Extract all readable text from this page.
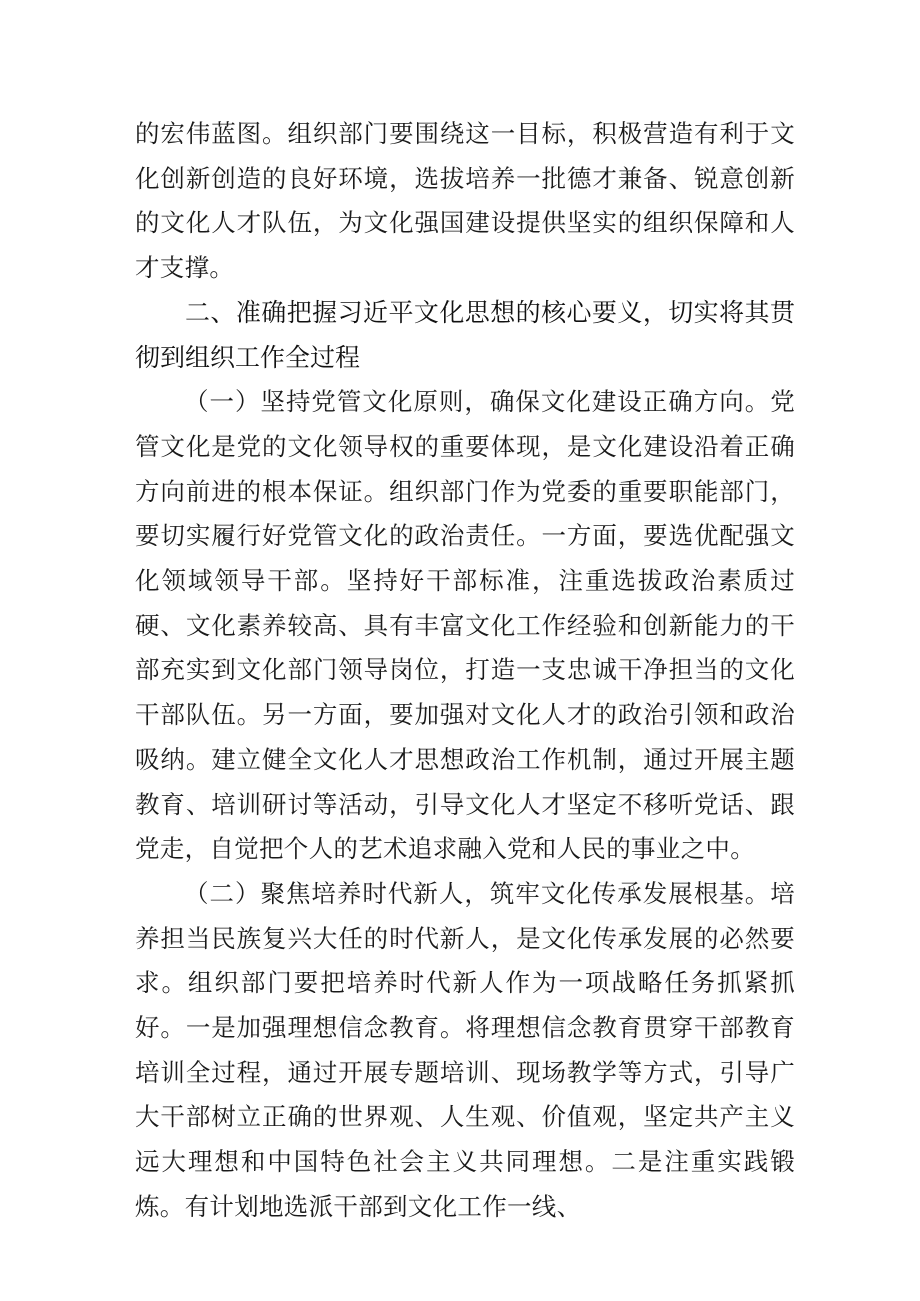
的宏伟蓝图。组织部门要围绕这一目标，积极营造有利于文化创新创造的良好环境，选拔培养一批德才兼备、锐意创新的文化人才队伍，为文化强国建设提供坚实的组织保障和人才支撑。

二、准确把握习近平文化思想的核心要义，切实将其贯彻到组织工作全过程

（一）坚持党管文化原则，确保文化建设正确方向。党管文化是党的文化领导权的重要体现，是文化建设沿着正确方向前进的根本保证。组织部门作为党委的重要职能部门，要切实履行好党管文化的政治责任。一方面，要选优配强文化领域领导干部。坚持好干部标准，注重选拔政治素质过硬、文化素养较高、具有丰富文化工作经验和创新能力的干部充实到文化部门领导岗位，打造一支忠诚干净担当的文化干部队伍。另一方面，要加强对文化人才的政治引领和政治吸纳。建立健全文化人才思想政治工作机制，通过开展主题教育、培训研讨等活动，引导文化人才坚定不移听党话、跟党走，自觉把个人的艺术追求融入党和人民的事业之中。

（二）聚焦培养时代新人，筑牢文化传承发展根基。培养担当民族复兴大任的时代新人，是文化传承发展的必然要求。组织部门要把培养时代新人作为一项战略任务抓紧抓好。一是加强理想信念教育。将理想信念教育贯穿干部教育培训全过程，通过开展专题培训、现场教学等方式，引导广大干部树立正确的世界观、人生观、价值观，坚定共产主义远大理想和中国特色社会主义共同理想。二是注重实践锻炼。有计划地选派干部到文化工作一线、
